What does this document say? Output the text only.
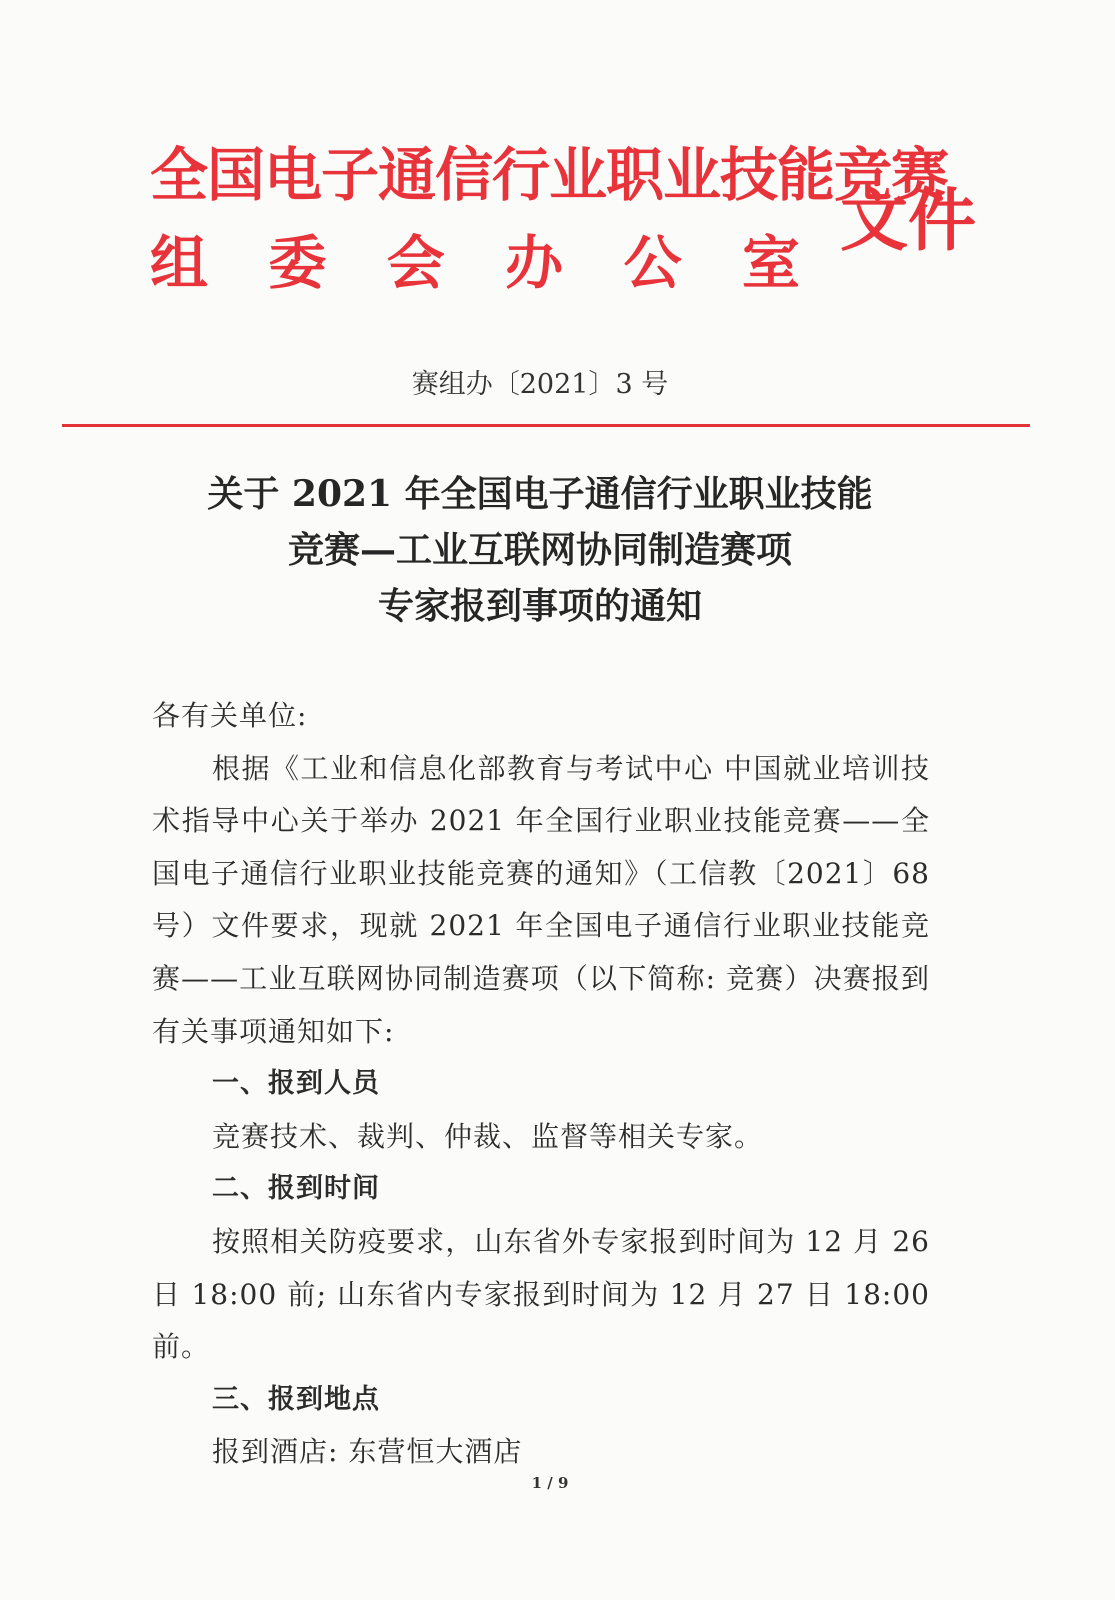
全国电子通信行业职业技能竞赛
组 委 会 办 公 室
文件
赛组办〔2021〕3 号
关于 2021 年全国电子通信行业职业技能
竞赛—工业互联网协同制造赛项
专家报到事项的通知

各有关单位:

根据《工业和信息化部教育与考试中心 中国就业培训技术指导中心关于举办 2021 年全国行业职业技能竞赛——全国电子通信行业职业技能竞赛的通知》（工信教〔2021〕68 号）文件要求，现就 2021 年全国电子通信行业职业技能竞赛——工业互联网协同制造赛项（以下简称: 竞赛）决赛报到有关事项通知如下:

一、报到人员

竞赛技术、裁判、仲裁、监督等相关专家。

二、报到时间

按照相关防疫要求，山东省外专家报到时间为 12 月 26 日 18:00 前; 山东省内专家报到时间为 12 月 27 日 18:00 前。

三、报到地点

报到酒店: 东营恒大酒店

1 / 9
